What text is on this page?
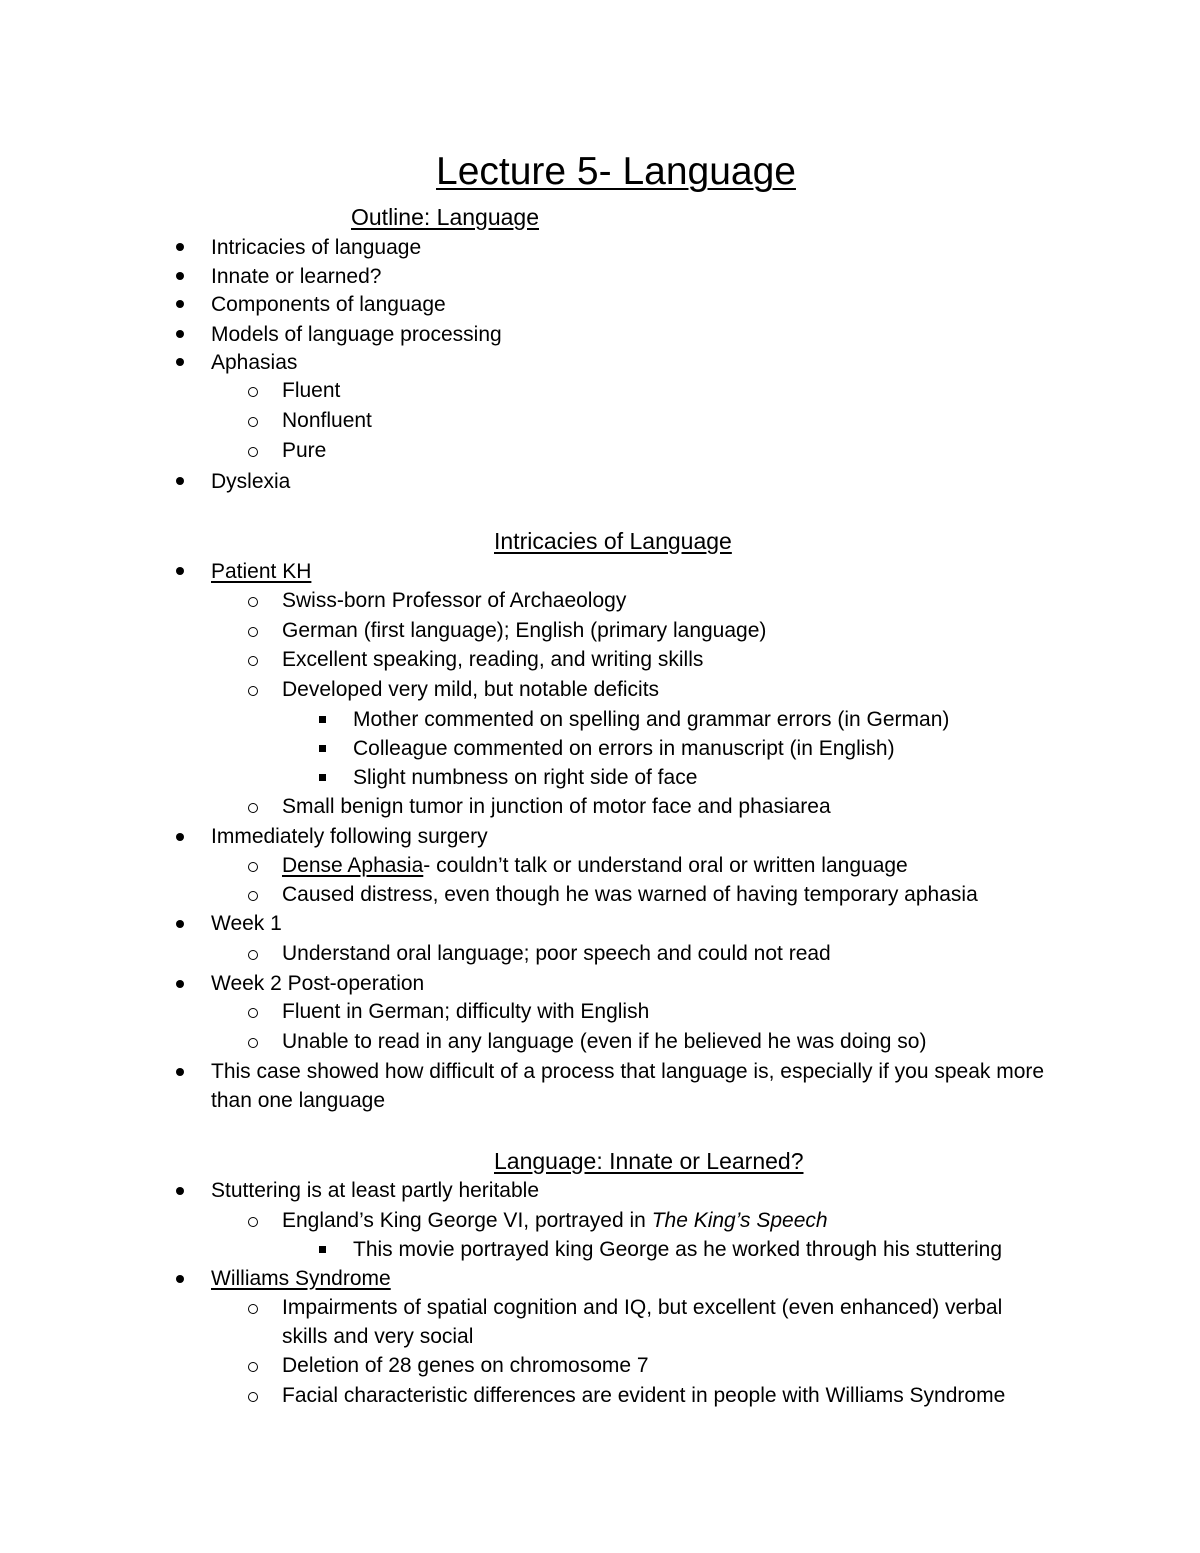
Lecture 5- Language
Outline: Language
Intricacies of language
Innate or learned?
Components of language
Models of language processing
Aphasias
Fluent
Nonfluent
Pure
Dyslexia
Intricacies of Language
Patient KH
Swiss-born Professor of Archaeology
German (first language); English (primary language)
Excellent speaking, reading, and writing skills
Developed very mild, but notable deficits
Mother commented on spelling and grammar errors (in German)
Colleague commented on errors in manuscript (in English)
Slight numbness on right side of face
Small benign tumor in junction of motor face and phasiarea
Immediately following surgery
Dense Aphasia- couldn’t talk or understand oral or written language
Caused distress, even though he was warned of having temporary aphasia
Week 1
Understand oral language; poor speech and could not read
Week 2 Post-operation
Fluent in German; difficulty with English
Unable to read in any language (even if he believed he was doing so)
This case showed how difficult of a process that language is, especially if you speak more
than one language
Language: Innate or Learned?
Stuttering is at least partly heritable
England’s King George VI, portrayed in The King’s Speech
This movie portrayed king George as he worked through his stuttering
Williams Syndrome
Impairments of spatial cognition and IQ, but excellent (even enhanced) verbal
skills and very social
Deletion of 28 genes on chromosome 7
Facial characteristic differences are evident in people with Williams Syndrome
